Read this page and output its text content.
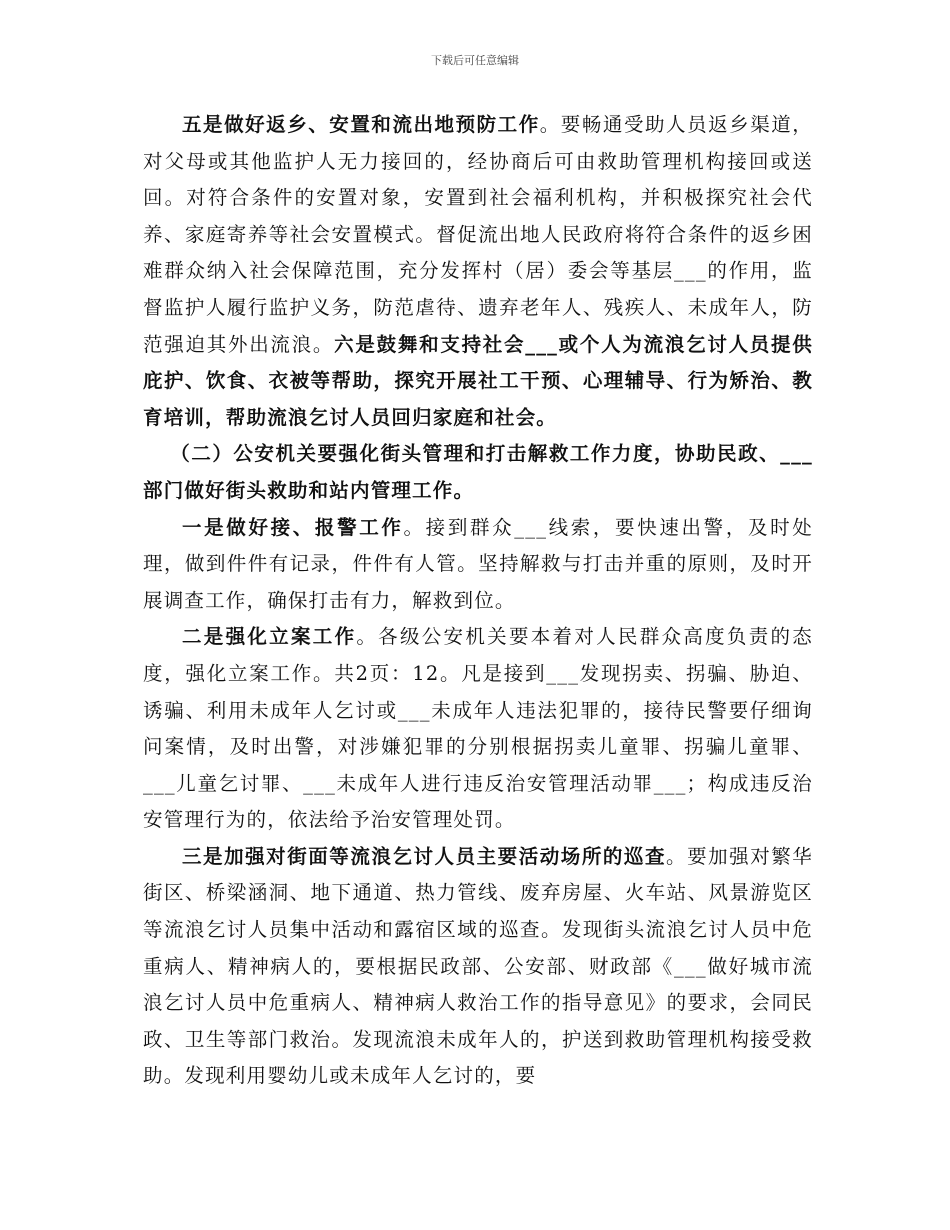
下载后可任意编辑

五是做好返乡、安置和流出地预防工作。要畅通受助人员返乡渠道，对父母或其他监护人无力接回的，经协商后可由救助管理机构接回或送回。对符合条件的安置对象，安置到社会福利机构，并积极探究社会代养、家庭寄养等社会安置模式。督促流出地人民政府将符合条件的返乡困难群众纳入社会保障范围，充分发挥村（居）委会等基层___的作用，监督监护人履行监护义务，防范虐待、遗弃老年人、残疾人、未成年人，防范强迫其外出流浪。六是鼓舞和支持社会___或个人为流浪乞讨人员提供庇护、饮食、衣被等帮助，探究开展社工干预、心理辅导、行为矫治、教育培训，帮助流浪乞讨人员回归家庭和社会。

（二）公安机关要强化街头管理和打击解救工作力度，协助民政、___部门做好街头救助和站内管理工作。

一是做好接、报警工作。接到群众___线索，要快速出警，及时处理，做到件件有记录，件件有人管。坚持解救与打击并重的原则，及时开展调查工作，确保打击有力，解救到位。

二是强化立案工作。各级公安机关要本着对人民群众高度负责的态度，强化立案工作。共2页：12。凡是接到___发现拐卖、拐骗、胁迫、诱骗、利用未成年人乞讨或___未成年人违法犯罪的，接待民警要仔细询问案情，及时出警，对涉嫌犯罪的分别根据拐卖儿童罪、拐骗儿童罪、___儿童乞讨罪、___未成年人进行违反治安管理活动罪___；构成违反治安管理行为的，依法给予治安管理处罚。

三是加强对街面等流浪乞讨人员主要活动场所的巡查。要加强对繁华街区、桥梁涵洞、地下通道、热力管线、废弃房屋、火车站、风景游览区等流浪乞讨人员集中活动和露宿区域的巡查。发现街头流浪乞讨人员中危重病人、精神病人的，要根据民政部、公安部、财政部《___做好城市流浪乞讨人员中危重病人、精神病人救治工作的指导意见》的要求，会同民政、卫生等部门救治。发现流浪未成年人的，护送到救助管理机构接受救助。发现利用婴幼儿或未成年人乞讨的，要
